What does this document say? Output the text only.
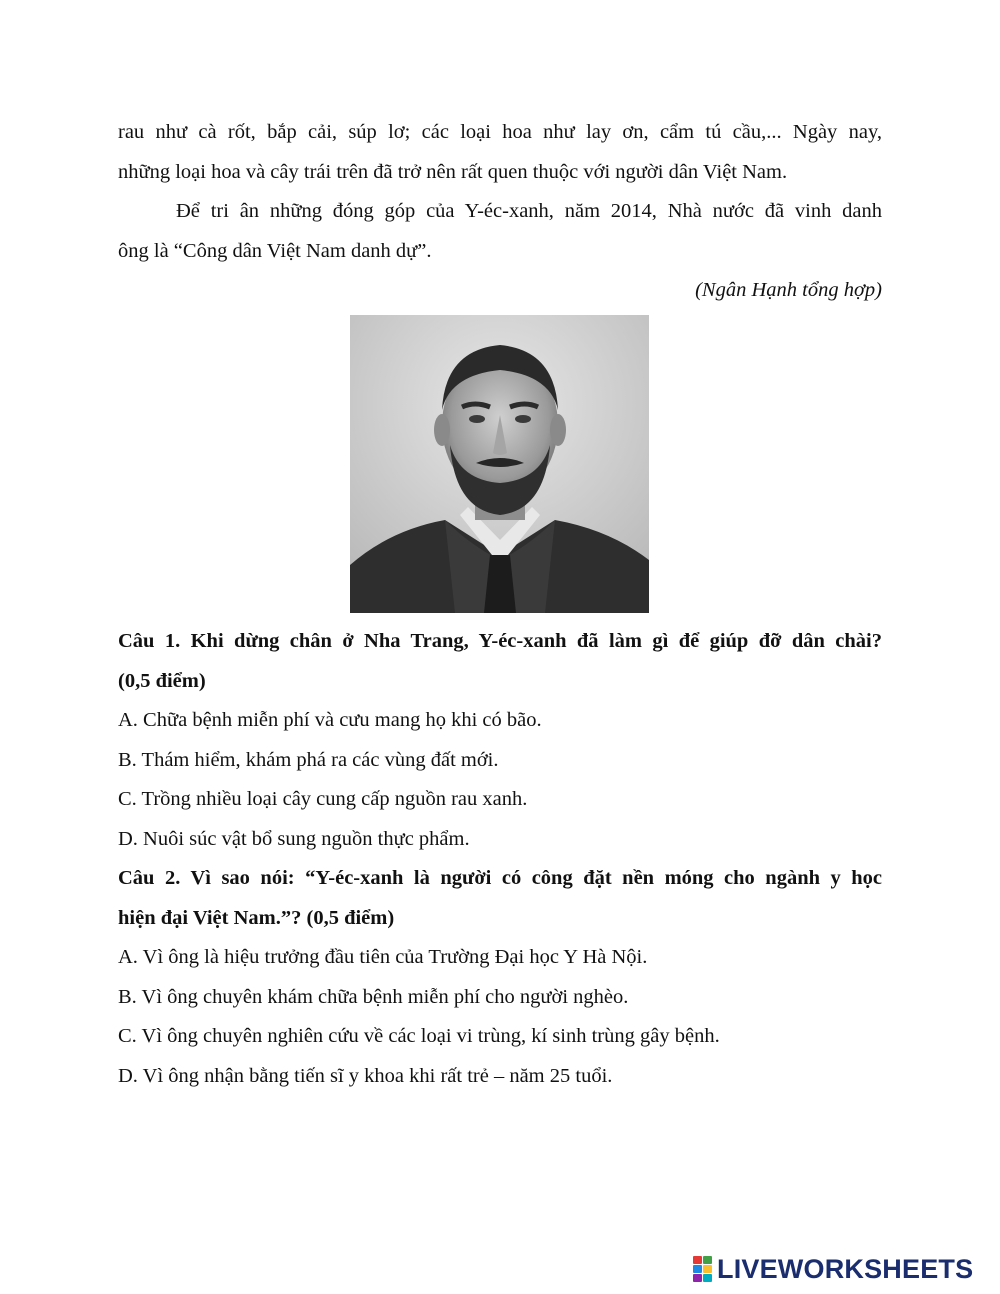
rau như cà rốt, bắp cải, súp lơ; các loại hoa như lay ơn, cẩm tú cầu,... Ngày nay,
những loại hoa và cây trái trên đã trở nên rất quen thuộc với người dân Việt Nam.
Để tri ân những đóng góp của Y-éc-xanh, năm 2014, Nhà nước đã vinh danh
ông là “Công dân Việt Nam danh dự”.
(Ngân Hạnh tổng hợp)
Câu 1. Khi dừng chân ở Nha Trang, Y-éc-xanh đã làm gì để giúp đỡ dân chài?
(0,5 điểm)
A. Chữa bệnh miễn phí và cưu mang họ khi có bão.
B. Thám hiểm, khám phá ra các vùng đất mới.
C. Trồng nhiều loại cây cung cấp nguồn rau xanh.
D. Nuôi súc vật bổ sung nguồn thực phẩm.
Câu 2. Vì sao nói: “Y-éc-xanh là người có công đặt nền móng cho ngành y học
hiện đại Việt Nam.”? (0,5 điểm)
A. Vì ông là hiệu trưởng đầu tiên của Trường Đại học Y Hà Nội.
B. Vì ông chuyên khám chữa bệnh miễn phí cho người nghèo.
C. Vì ông chuyên nghiên cứu về các loại vi trùng, kí sinh trùng gây bệnh.
D. Vì ông nhận bằng tiến sĩ y khoa khi rất trẻ – năm 25 tuổi.
LIVEWORKSHEETS
